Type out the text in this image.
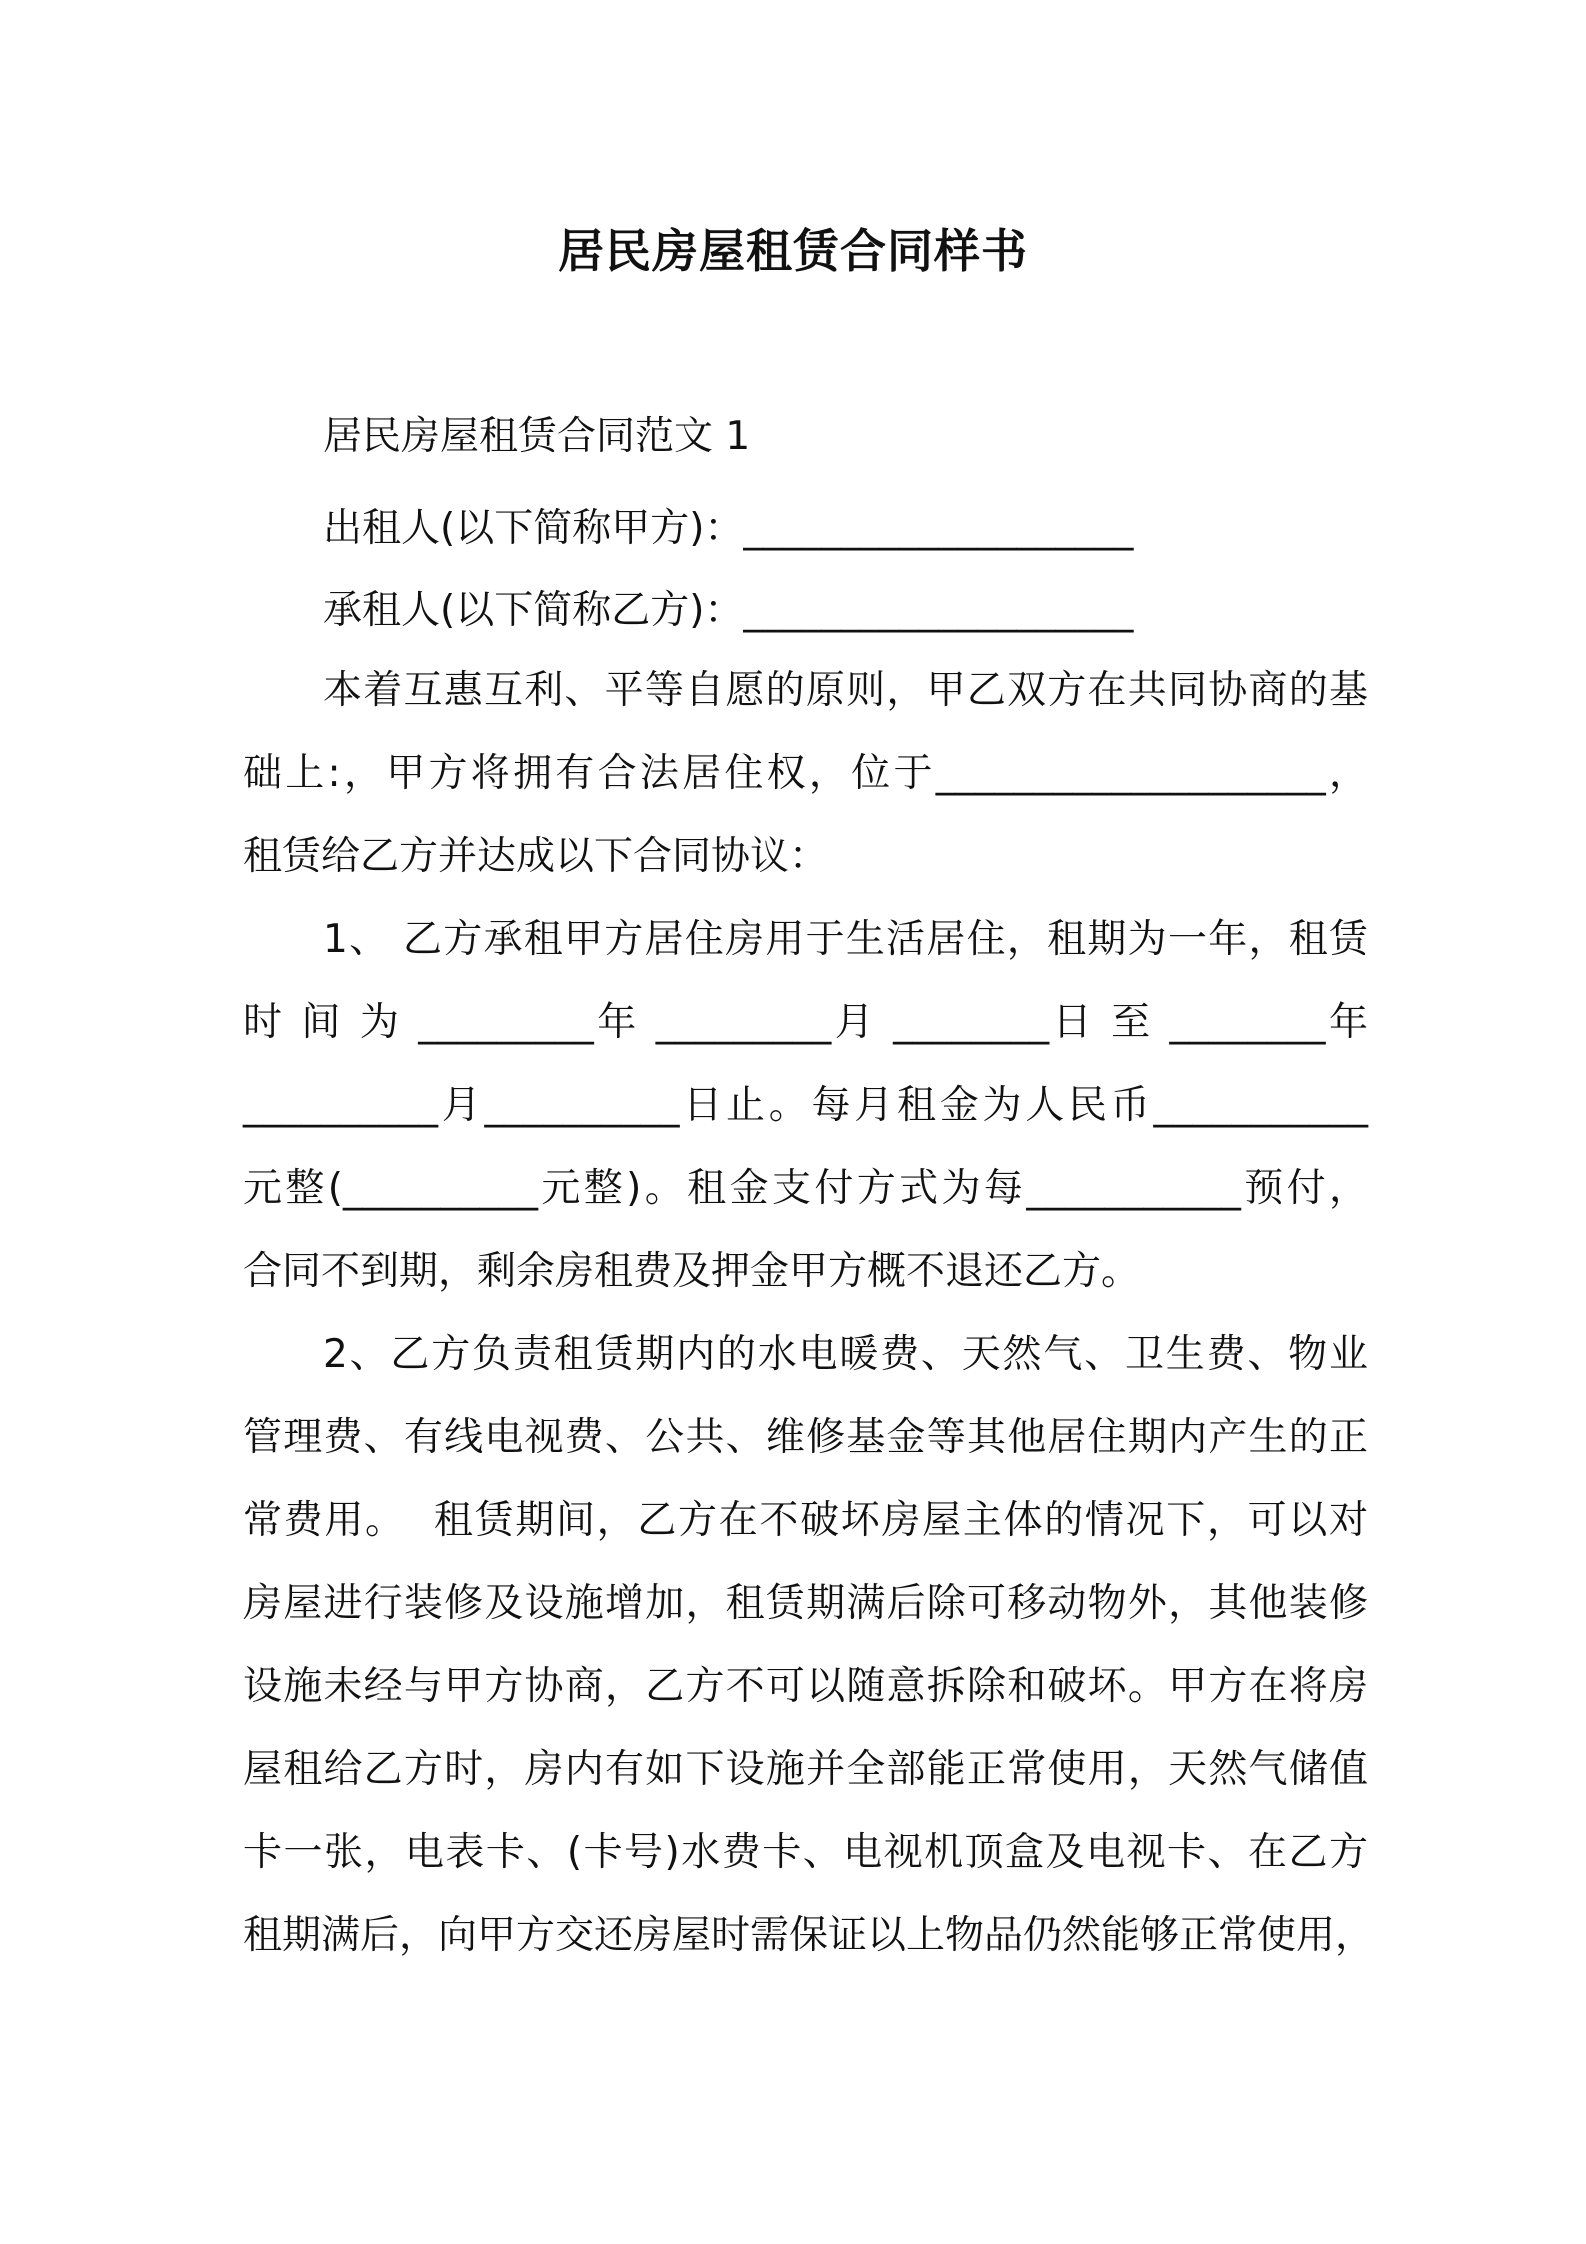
居民房屋租赁合同样书
居民房屋租赁合同范文 1
出租人(以下简称甲方)：____________________
承租人(以下简称乙方)：____________________
本着互惠互利、平等自愿的原则，甲乙双方在共同协商的基
础上:，甲方将拥有合法居住权，位于____________________，
租赁给乙方并达成以下合同协议：
1、 乙方承租甲方居住房用于生活居住，租期为一年，租赁
时 间 为 _________年 _________月 ________日 至 ________年
__________月__________日止。每月租金为人民币___________
元整(__________元整)。租金支付方式为每___________预付，
合同不到期，剩余房租费及押金甲方概不退还乙方。
2、乙方负责租赁期内的水电暖费、天然气、卫生费、物业
管理费、有线电视费、公共、维修基金等其他居住期内产生的正
常费用。  租赁期间，乙方在不破坏房屋主体的情况下，可以对
房屋进行装修及设施增加，租赁期满后除可移动物外，其他装修
设施未经与甲方协商，乙方不可以随意拆除和破坏。甲方在将房
屋租给乙方时，房内有如下设施并全部能正常使用，天然气储值
卡一张，电表卡、(卡号)水费卡、电视机顶盒及电视卡、在乙方
租期满后，向甲方交还房屋时需保证以上物品仍然能够正常使用，
